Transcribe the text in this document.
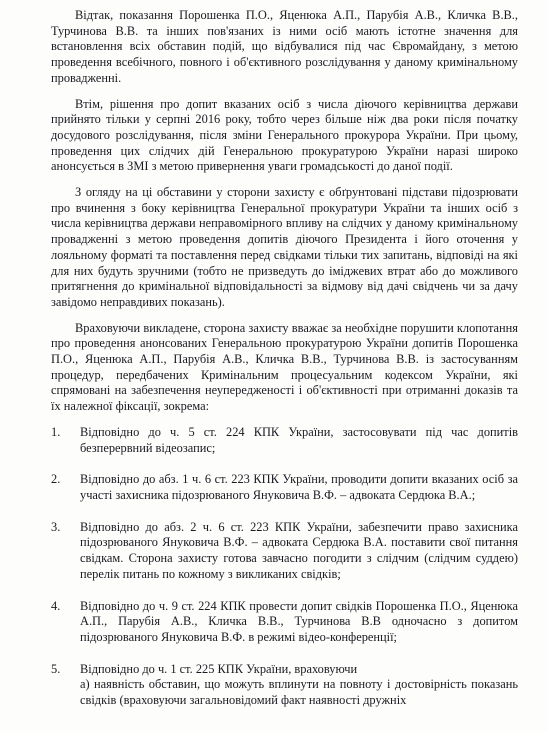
Відтак, показання Порошенка П.О., Яценюка А.П., Парубія А.В., Кличка В.В., Турчинова В.В. та інших пов'язаних із ними осіб мають істотне значення для встановлення всіх обставин подій, що відбувалися під час Євромайдану, з метою проведення всебічного, повного і об'єктивного розслідування у даному кримінальному провадженні.

Втім, рішення про допит вказаних осіб з числа діючого керівництва держави прийнято тільки у серпні 2016 року, тобто через більше ніж два роки після початку досудового розслідування, після зміни Генерального прокурора України. При цьому, проведення цих слідчих дій Генеральною прокуратурою України наразі широко анонсується в ЗМІ з метою привернення уваги громадськості до даної події.

З огляду на ці обставини у сторони захисту є обґрунтовані підстави підозрювати про вчинення з боку керівництва Генеральної прокуратури України та інших осіб з числа керівництва держави неправомірного впливу на слідчих у даному кримінальному провадженні з метою проведення допитів діючого Президента і його оточення у лояльному форматі та поставлення перед свідками тільки тих запитань, відповіді на які для них будуть зручними (тобто не призведуть до іміджевих втрат або до можливого притягнення до кримінальної відповідальності за відмову від дачі свідчень чи за дачу завідомо неправдивих показань).

Враховуючи викладене, сторона захисту вважає за необхідне порушити клопотання про проведення анонсованих Генеральною прокуратурою України допитів Порошенка П.О., Яценюка А.П., Парубія А.В., Кличка В.В., Турчинова В.В. із застосуванням процедур, передбачених Кримінальним процесуальним кодексом України, які спрямовані на забезпечення неупередженості і об'єктивності при отриманні доказів та їх належної фіксації, зокрема:

1. Відповідно до ч. 5 ст. 224 КПК України, застосовувати під час допитів безперервний відеозапис;
2. Відповідно до абз. 1 ч. 6 ст. 223 КПК України, проводити допити вказаних осіб за участі захисника підозрюваного Януковича В.Ф. – адвоката Сердюка В.А.;
3. Відповідно до абз. 2 ч. 6 ст. 223 КПК України, забезпечити право захисника підозрюваного Януковича В.Ф. – адвоката Сердюка В.А. поставити свої питання свідкам. Сторона захисту готова завчасно погодити з слідчим (слідчим суддею) перелік питань по кожному з викликаних свідків;
4. Відповідно до ч. 9 ст. 224 КПК провести допит свідків Порошенка П.О., Яценюка А.П., Парубія А.В., Кличка В.В., Турчинова В.В одночасно з допитом підозрюваного Януковича В.Ф. в режимі відео-конференції;
5. Відповідно до ч. 1 ст. 225 КПК України, враховуючи
а) наявність обставин, що можуть вплинути на повноту і достовірність показань свідків (враховуючи загальновідомий факт наявності дружніх
